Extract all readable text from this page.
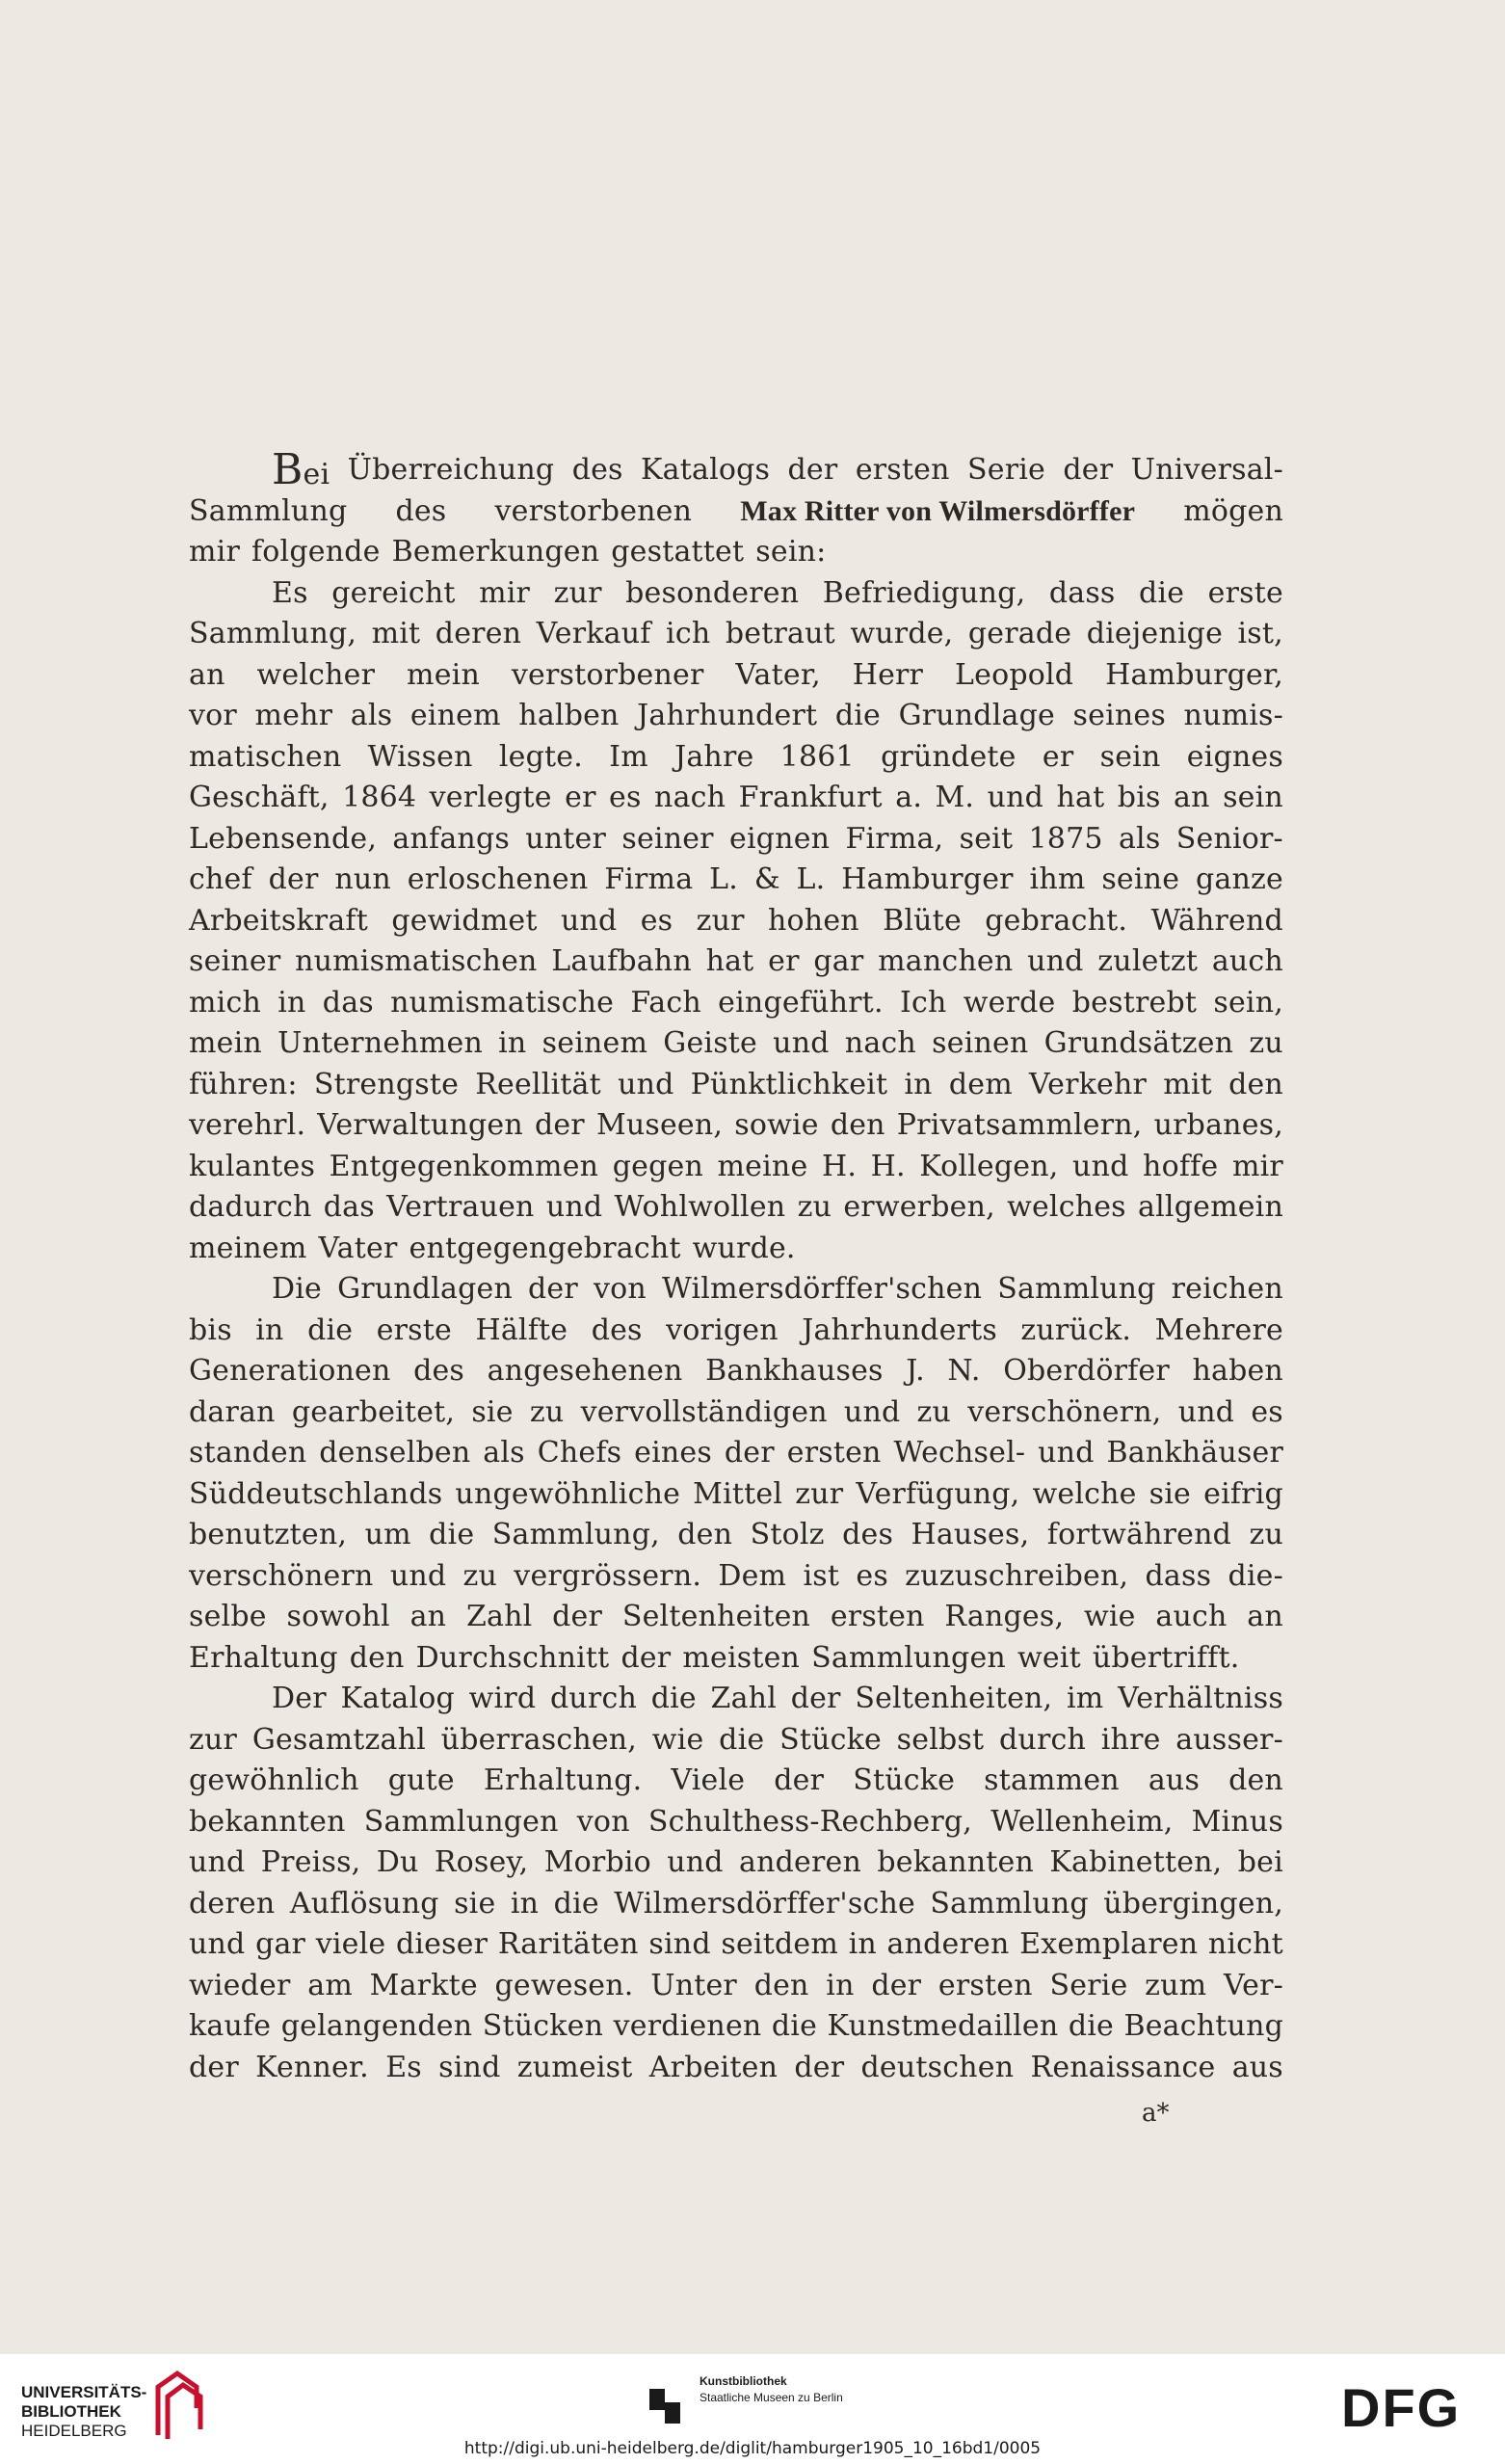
Bei Überreichung des Katalogs der ersten Serie der Universal-
Sammlung des verstorbenen Max Ritter von Wilmersdörffer mögen
mir folgende Bemerkungen gestattet sein:
Es gereicht mir zur besonderen Befriedigung, dass die erste
Sammlung, mit deren Verkauf ich betraut wurde, gerade diejenige ist,
an welcher mein verstorbener Vater, Herr Leopold Hamburger,
vor mehr als einem halben Jahrhundert die Grundlage seines numis-
matischen Wissen legte. Im Jahre 1861 gründete er sein eignes
Geschäft, 1864 verlegte er es nach Frankfurt a. M. und hat bis an sein
Lebensende, anfangs unter seiner eignen Firma, seit 1875 als Senior-
chef der nun erloschenen Firma L. & L. Hamburger ihm seine ganze
Arbeitskraft gewidmet und es zur hohen Blüte gebracht. Während
seiner numismatischen Laufbahn hat er gar manchen und zuletzt auch
mich in das numismatische Fach eingeführt. Ich werde bestrebt sein,
mein Unternehmen in seinem Geiste und nach seinen Grundsätzen zu
führen: Strengste Reellität und Pünktlichkeit in dem Verkehr mit den
verehrl. Verwaltungen der Museen, sowie den Privatsammlern, urbanes,
kulantes Entgegenkommen gegen meine H. H. Kollegen, und hoffe mir
dadurch das Vertrauen und Wohlwollen zu erwerben, welches allgemein
meinem Vater entgegengebracht wurde.
Die Grundlagen der von Wilmersdörffer'schen Sammlung reichen
bis in die erste Hälfte des vorigen Jahrhunderts zurück. Mehrere
Generationen des angesehenen Bankhauses J. N. Oberdörfer haben
daran gearbeitet, sie zu vervollständigen und zu verschönern, und es
standen denselben als Chefs eines der ersten Wechsel- und Bankhäuser
Süddeutschlands ungewöhnliche Mittel zur Verfügung, welche sie eifrig
benutzten, um die Sammlung, den Stolz des Hauses, fortwährend zu
verschönern und zu vergrössern. Dem ist es zuzuschreiben, dass die-
selbe sowohl an Zahl der Seltenheiten ersten Ranges, wie auch an
Erhaltung den Durchschnitt der meisten Sammlungen weit übertrifft.
Der Katalog wird durch die Zahl der Seltenheiten, im Verhältniss
zur Gesamtzahl überraschen, wie die Stücke selbst durch ihre ausser-
gewöhnlich gute Erhaltung. Viele der Stücke stammen aus den
bekannten Sammlungen von Schulthess-Rechberg, Wellenheim, Minus
und Preiss, Du Rosey, Morbio und anderen bekannten Kabinetten, bei
deren Auflösung sie in die Wilmersdörffer'sche Sammlung übergingen,
und gar viele dieser Raritäten sind seitdem in anderen Exemplaren nicht
wieder am Markte gewesen. Unter den in der ersten Serie zum Ver-
kaufe gelangenden Stücken verdienen die Kunstmedaillen die Beachtung
der Kenner. Es sind zumeist Arbeiten der deutschen Renaissance aus
a*
UNIVERSITÄTS-
BIBLIOTHEK
HEIDELBERG
Kunstbibliothek
Staatliche Museen zu Berlin	DFG
http://digi.ub.uni-heidelberg.de/diglit/hamburger1905_10_16bd1/0005
